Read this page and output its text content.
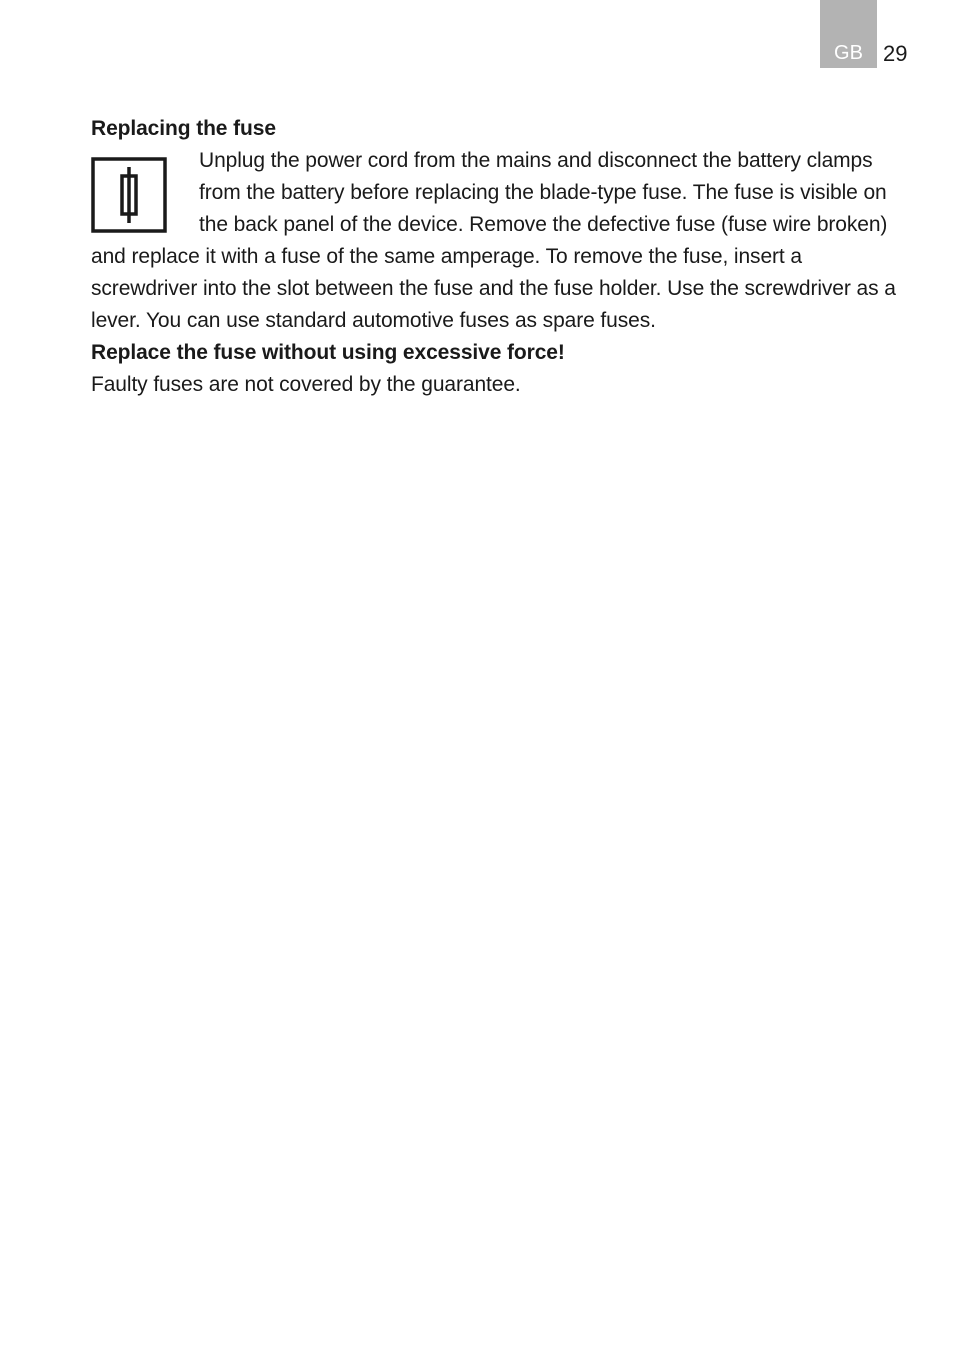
GB 29
Replacing the fuse

Unplug the power cord from the mains and disconnect the battery clamps from the battery before replacing the blade-type fuse. The fuse is visible on the back panel of the device. Remove the defective fuse (fuse wire broken) and replace it with a fuse of the same amperage. To remove the fuse, insert a screwdriver into the slot between the fuse and the fuse holder. Use the screwdriver as a lever. You can use standard automotive fuses as spare fuses.

Replace the fuse without using excessive force!

Faulty fuses are not covered by the guarantee.
